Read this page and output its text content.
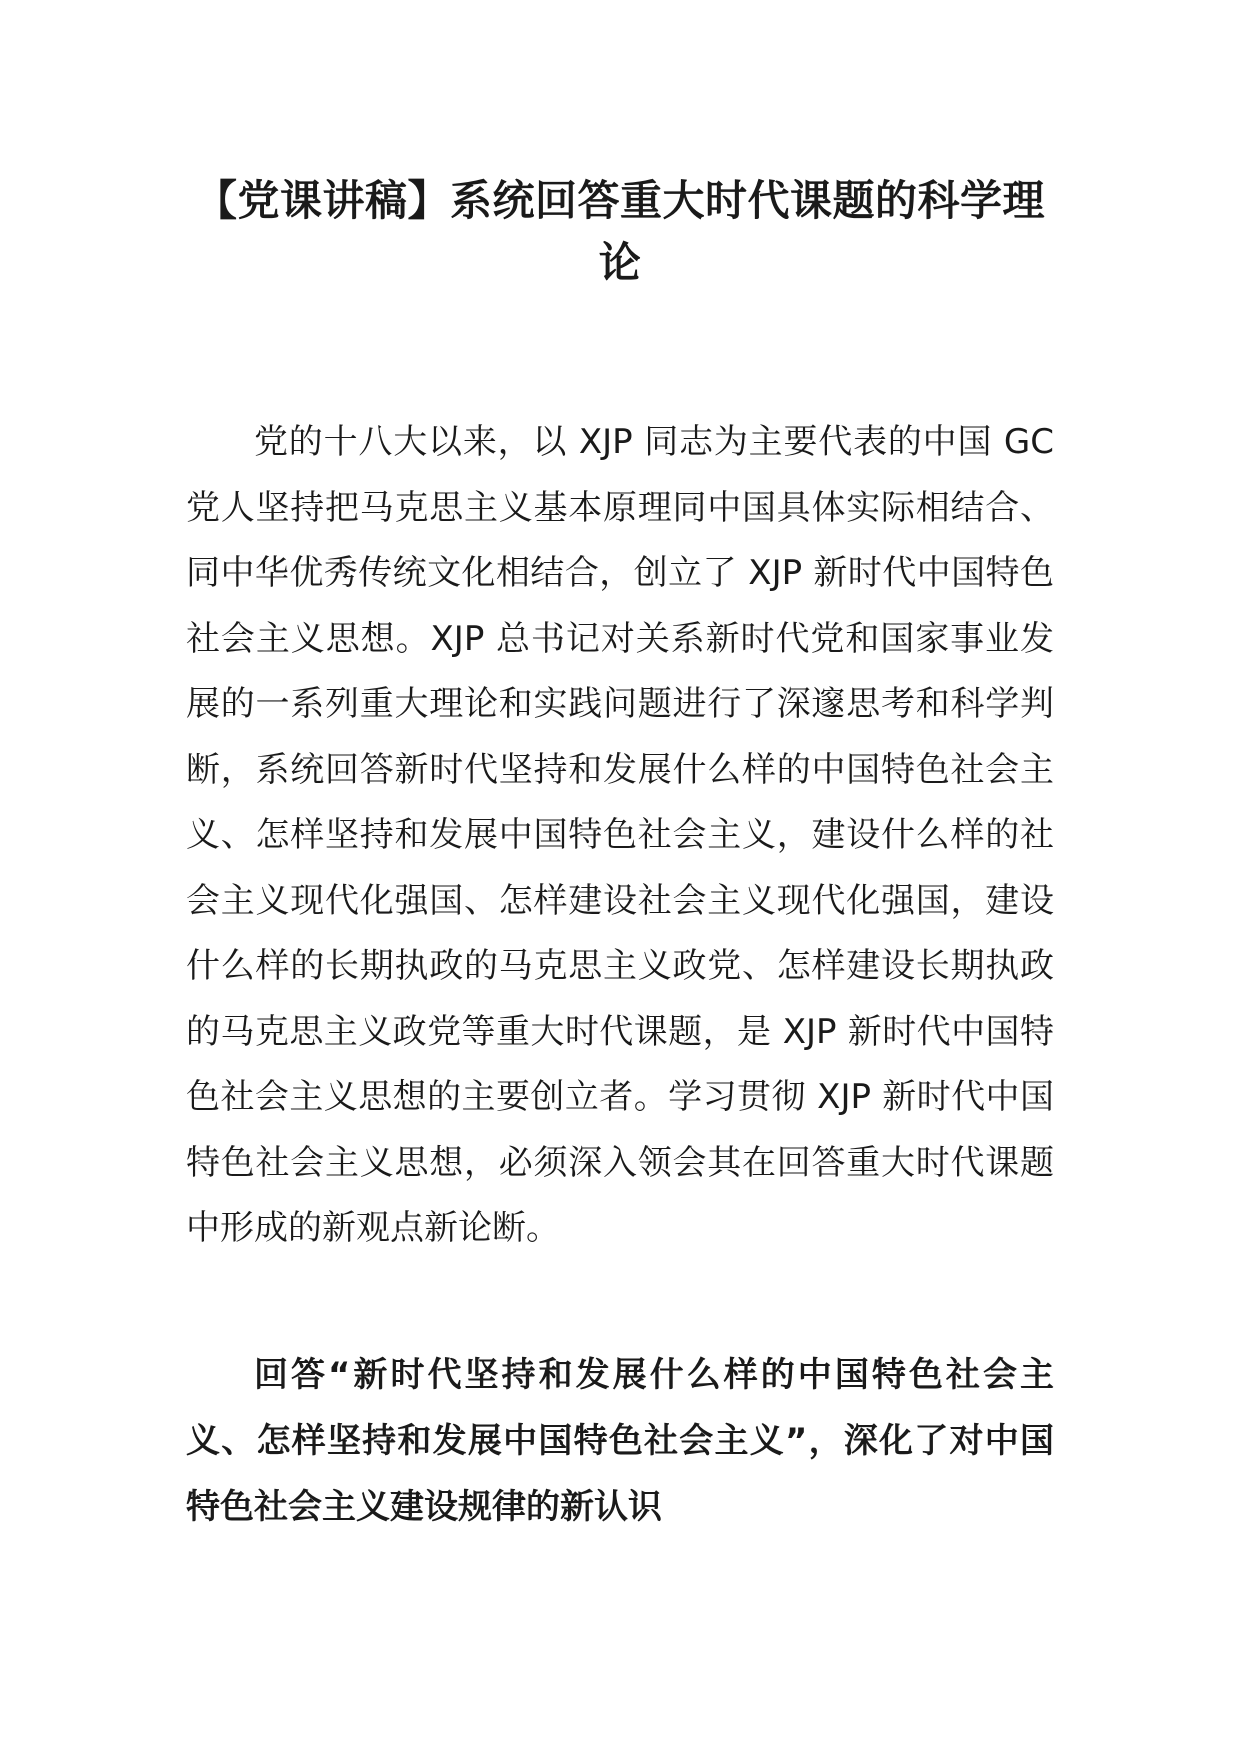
【党课讲稿】系统回答重大时代课题的科学理论

党的十八大以来，以 XJP 同志为主要代表的中国 GC 党人坚持把马克思主义基本原理同中国具体实际相结合、同中华优秀传统文化相结合，创立了 XJP 新时代中国特色社会主义思想。XJP 总书记对关系新时代党和国家事业发展的一系列重大理论和实践问题进行了深邃思考和科学判断，系统回答新时代坚持和发展什么样的中国特色社会主义、怎样坚持和发展中国特色社会主义，建设什么样的社会主义现代化强国、怎样建设社会主义现代化强国，建设什么样的长期执政的马克思主义政党、怎样建设长期执政的马克思主义政党等重大时代课题，是 XJP 新时代中国特色社会主义思想的主要创立者。学习贯彻 XJP 新时代中国特色社会主义思想，必须深入领会其在回答重大时代课题中形成的新观点新论断。

回答“新时代坚持和发展什么样的中国特色社会主义、怎样坚持和发展中国特色社会主义”，深化了对中国特色社会主义建设规律的新认识
